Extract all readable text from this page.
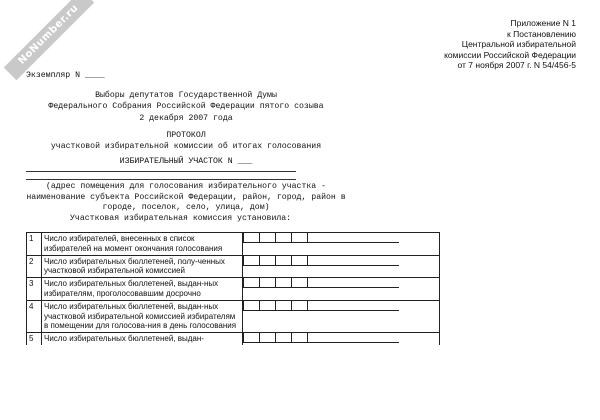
NoNumber.ru	Приложение N 1
к Постановлению
Центральной избирательной
комиссии Российской Федерации
от 7 ноября 2007 г. N 54/456-5
Экземпляр N ____
Выборы депутатов Государственной Думы
Федерального Собрания Российской Федерации пятого созыва
2 декабря 2007 года
ПРОТОКОЛ
участковой избирательной комиссии об итогах голосования
ИЗБИРАТЕЛЬНЫЙ УЧАСТОК N ___
(адрес помещения для голосования избирательного участка -
наименование субъекта Российской Федерации, район, город, район в
городе, поселок, село, улица, дом)
Участковая избирательная комиссия установила:
1	Число избирателей, внесенных в список избирателей на момент окончания голосования	

2	Число избирательных бюллетеней, полу-ченных участковой избирательной комиссией	

3	Число избирательных бюллетеней, выдан-ных избирателям, проголосовавшим досрочно	

4	Число избирательных бюллетеней, выдан-ных участковой избирательной комиссией избирателям в помещении для голосова-ния в день голосования	

5	Число избирательных бюллетеней, выдан-	
